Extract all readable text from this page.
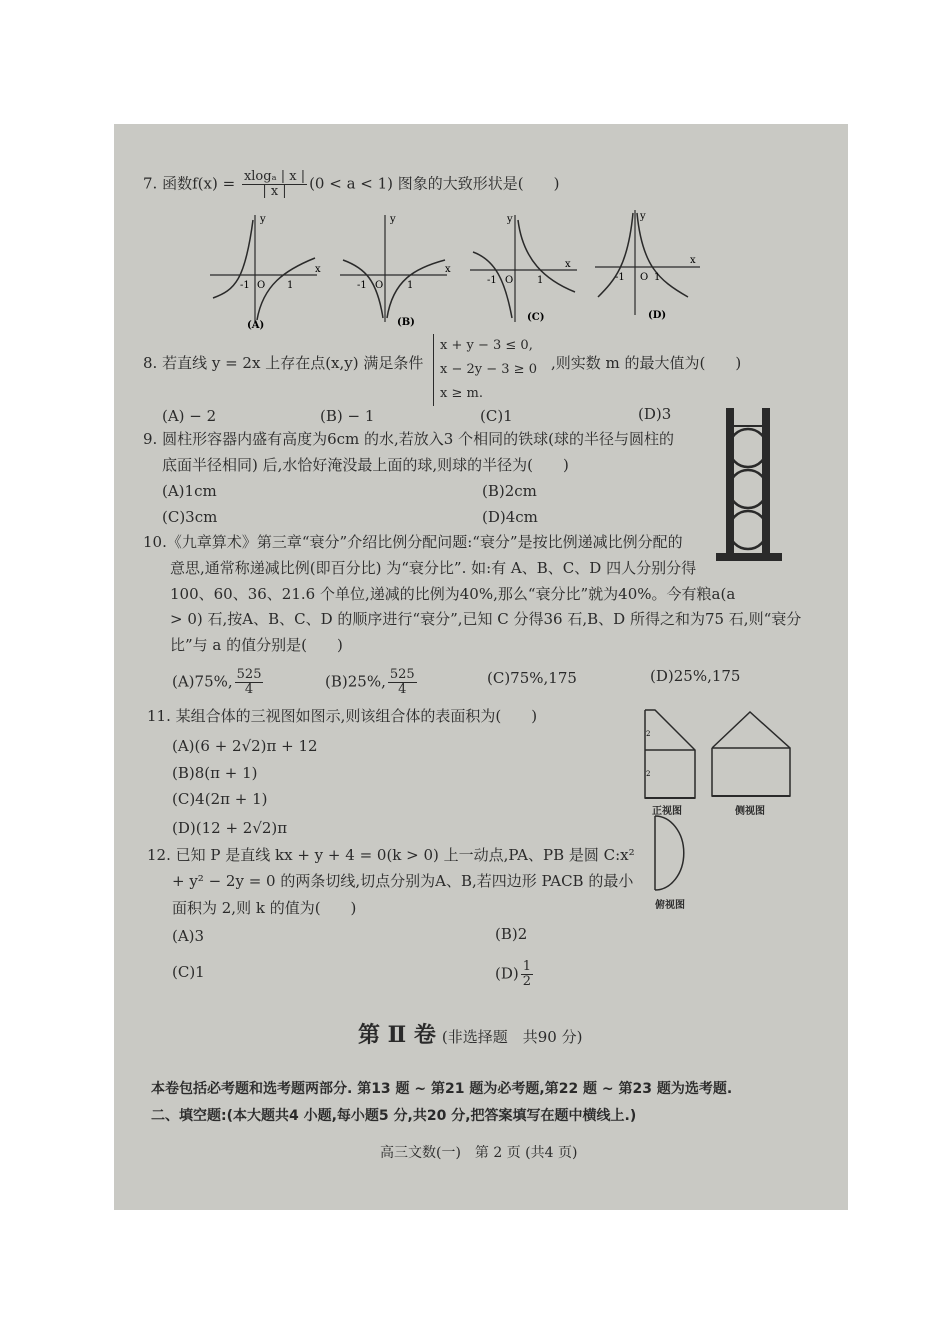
7. 函数$f(x) = \frac{\text{xlogₐ | x |}}{| x |} (0 < a < 1)$ 图象的大致形状是(　　)
y
x
-1 O 1
(A)
y
x
-1 O 1
(B)
y
x
-1 O 1
(C)
y
x
-1 O 1
(D)
8. 若直线 y = 2x 上存在点(x,y) 满足条件
x + y − 3 ≤ 0,
x − 2y − 3 ≥ 0
x ≥ m.
,则实数 m 的最大值为(　　)
(A) − 2	(B) − 1	(C)1	(D)3
9. 圆柱形容器内盛有高度为6cm 的水,若放入3 个相同的铁球(球的半径与圆柱的
底面半径相同) 后,水恰好淹没最上面的球,则球的半径为(　　)
(A)1cm	(B)2cm
(C)3cm	(D)4cm
10.《九章算术》第三章“衰分”介绍比例分配问题:“衰分”是按比例递减比例分配的
意思,通常称递减比例(即百分比) 为“衰分比”. 如:有 A、B、C、D 四人分别分得
100、60、36、21.6 个单位,递减的比例为40%,那么“衰分比”就为40%。今有粮a(a
> 0) 石,按A、B、C、D 的顺序进行“衰分”,已知 C 分得36 石,B、D 所得之和为75 石,则“衰分
比”与 a 的值分别是(　　)
(A)75%, $\frac{525}{4}$	(B)25%, $\frac{525}{4}$	(C)75%,175	(D)25%,175
11. 某组合体的三视图如图示,则该组合体的表面积为(　　)
(A)(6 + 2√2)π + 12
(B)8(π + 1)
(C)4(2π + 1)
(D)(12 + 2√2)π
2
2
正视图	侧视图
俯视图
12. 已知 P 是直线 kx + y + 4 = 0(k > 0) 上一动点,PA、PB 是圆 C:x²
+ y² − 2y = 0 的两条切线,切点分别为A、B,若四边形 PACB 的最小
面积为 2,则 k 的值为(　　)
(A)3	(B)2
(C)1	$(D) \frac{1}{2}$
第 Ⅱ 卷 (非选择题　共90 分)
本卷包括必考题和选考题两部分. 第13 题 ~ 第21 题为必考题,第22 题 ~ 第23 题为选考题.
二、填空题:(本大题共4 小题,每小题5 分,共20 分,把答案填写在题中横线上.)
高三文数(一)　第 2 页 (共4 页)
